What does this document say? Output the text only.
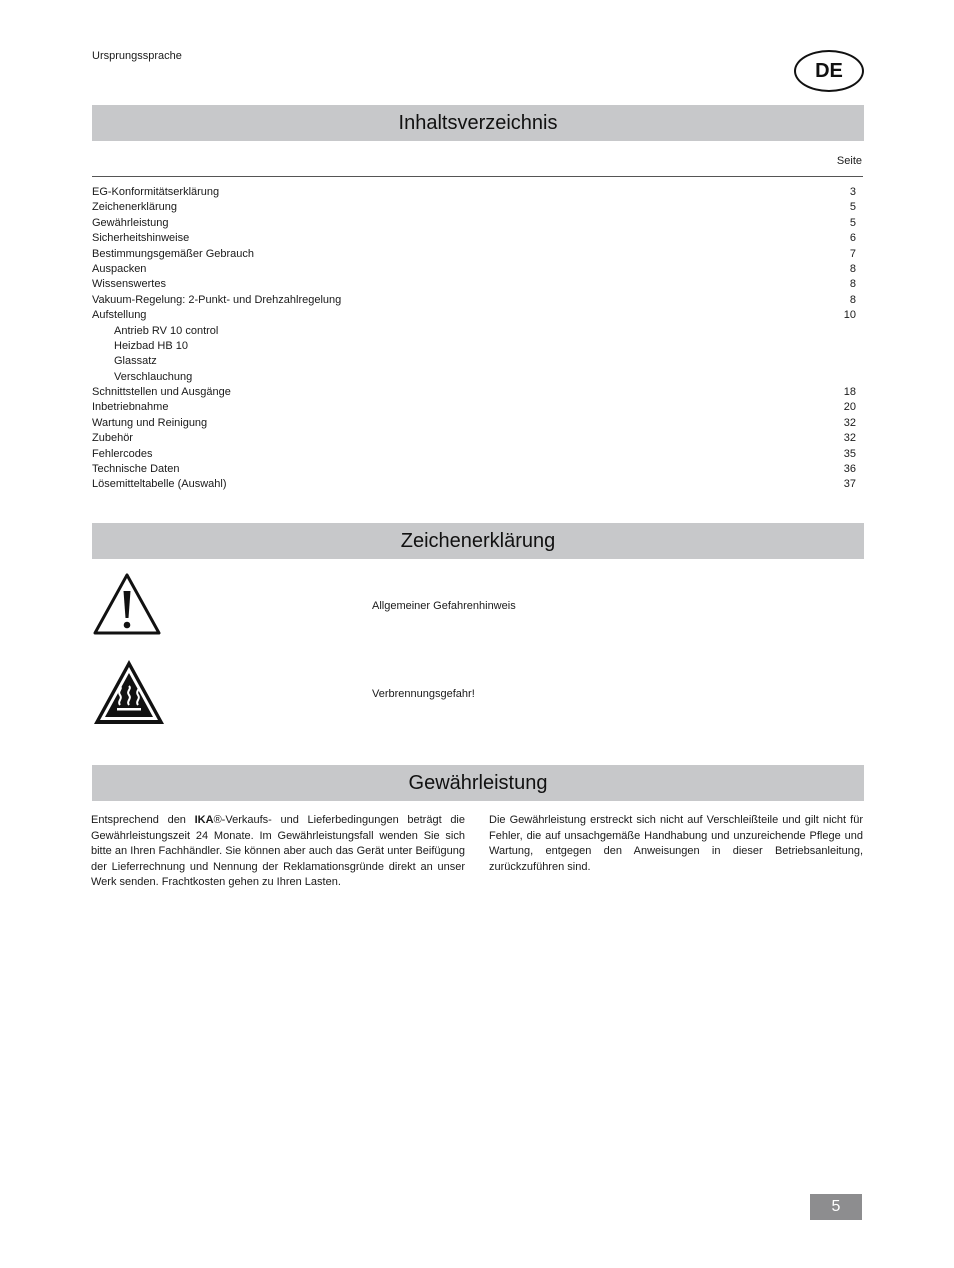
Ursprungssprache
DE
Inhaltsverzeichnis
Seite
EG-Konformitätserklärung	3
Zeichenerklärung	5
Gewährleistung	5
Sicherheitshinweise	6
Bestimmungsgemäßer Gebrauch	7
Auspacken	8
Wissenswertes	8
Vakuum-Regelung: 2-Punkt- und Drehzahlregelung	8
Aufstellung	10
Antrieb RV 10 control
Heizbad HB 10
Glassatz
Verschlauchung
Schnittstellen und Ausgänge	18
Inbetriebnahme	20
Wartung und Reinigung	32
Zubehör	32
Fehlercodes	35
Technische Daten	36
Lösemitteltabelle (Auswahl)	37
Zeichenerklärung
Allgemeiner Gefahrenhinweis
Verbrennungsgefahr!
Gewährleistung
Entsprechend den IKA®-Verkaufs- und Lieferbedingungen beträgt die Gewährleistungszeit 24 Monate. Im Gewährleistungsfall wenden Sie sich bitte an Ihren Fachhändler. Sie können aber auch das Gerät unter Beifügung der Lieferrechnung und Nennung der Reklamationsgründe direkt an unser Werk senden. Frachtkosten gehen zu Ihren Lasten.
Die Gewährleistung erstreckt sich nicht auf Verschleißteile und gilt nicht für Fehler, die auf unsachgemäße Handhabung und unzureichende Pflege und Wartung, entgegen den Anweisungen in dieser Betriebsanleitung, zurückzuführen sind.
5
